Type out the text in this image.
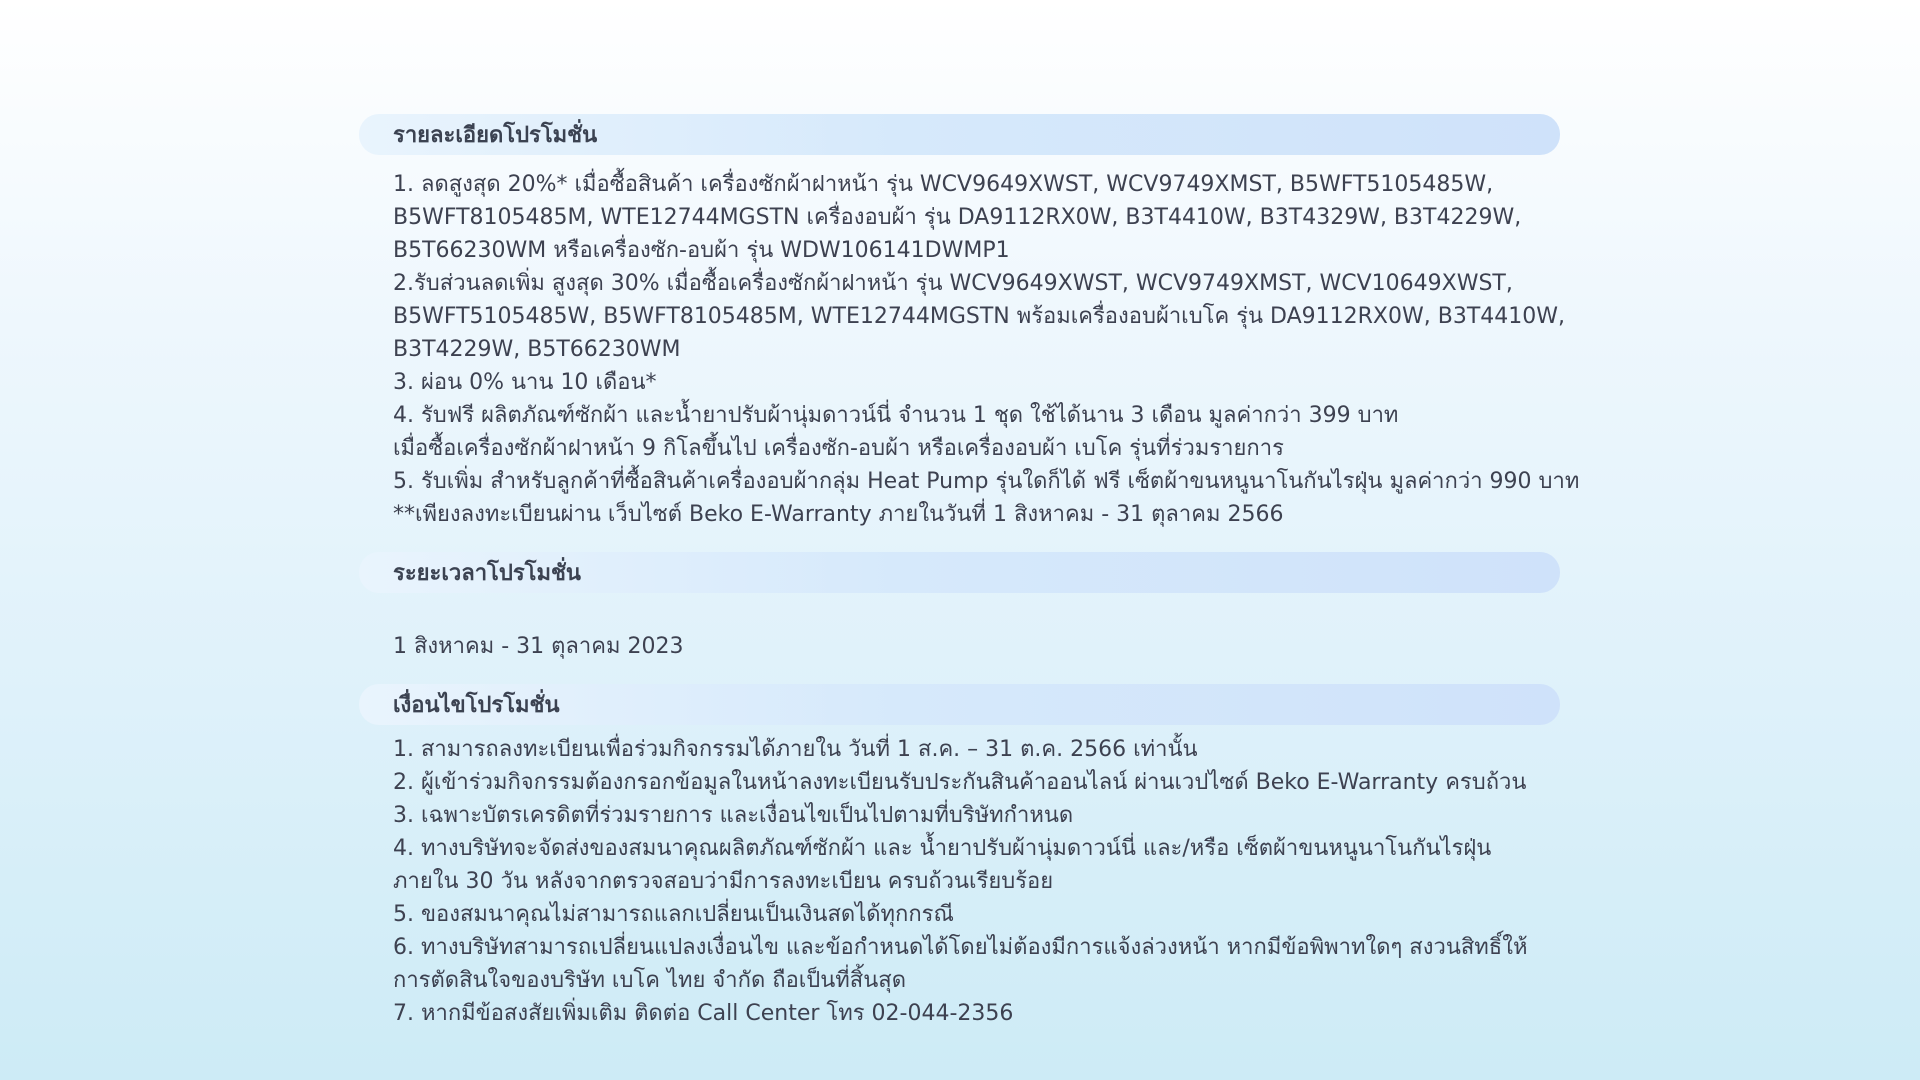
รายละเอียดโปรโมชั่น
1. ลดสูงสุด 20%* เมื่อซื้อสินค้า เครื่องซักผ้าฝาหน้า รุ่น WCV9649XWST, WCV9749XMST, B5WFT5105485W,
B5WFT8105485M, WTE12744MGSTN เครื่องอบผ้า รุ่น DA9112RX0W, B3T4410W, B3T4329W, B3T4229W,
B5T66230WM หรือเครื่องซัก-อบผ้า รุ่น WDW106141DWMP1
2.รับส่วนลดเพิ่ม สูงสุด 30% เมื่อซื้อเครื่องซักผ้าฝาหน้า รุ่น WCV9649XWST, WCV9749XMST, WCV10649XWST,
B5WFT5105485W, B5WFT8105485M, WTE12744MGSTN พร้อมเครื่องอบผ้าเบโค รุ่น DA9112RX0W, B3T4410W,
B3T4229W, B5T66230WM
3. ผ่อน 0% นาน 10 เดือน*
4. รับฟรี ผลิตภัณฑ์ซักผ้า และน้ำยาปรับผ้านุ่มดาวน์นี่ จำนวน 1 ชุด ใช้ได้นาน 3 เดือน มูลค่ากว่า 399 บาท
เมื่อซื้อเครื่องซักผ้าฝาหน้า 9 กิโลขึ้นไป เครื่องซัก-อบผ้า หรือเครื่องอบผ้า เบโค รุ่นที่ร่วมรายการ
5. รับเพิ่ม สำหรับลูกค้าที่ซื้อสินค้าเครื่องอบผ้ากลุ่ม Heat Pump รุ่นใดก็ได้ ฟรี เซ็ตผ้าขนหนูนาโนกันไรฝุ่น มูลค่ากว่า 990 บาท
**เพียงลงทะเบียนผ่าน เว็บไซต์ Beko E-Warranty ภายในวันที่ 1 สิงหาคม - 31 ตุลาคม 2566
ระยะเวลาโปรโมชั่น
1 สิงหาคม - 31 ตุลาคม 2023
เงื่อนไขโปรโมชั่น
1. สามารถลงทะเบียนเพื่อร่วมกิจกรรมได้ภายใน วันที่ 1 ส.ค. – 31 ต.ค. 2566 เท่านั้น
2. ผู้เข้าร่วมกิจกรรมต้องกรอกข้อมูลในหน้าลงทะเบียนรับประกันสินค้าออนไลน์ ผ่านเวปไซด์ Beko E-Warranty ครบถ้วน
3. เฉพาะบัตรเครดิตที่ร่วมรายการ และเงื่อนไขเป็นไปตามที่บริษัทกำหนด
4. ทางบริษัทจะจัดส่งของสมนาคุณผลิตภัณฑ์ซักผ้า และ น้ำยาปรับผ้านุ่มดาวน์นี่ และ/หรือ เซ็ตผ้าขนหนูนาโนกันไรฝุ่น
ภายใน 30 วัน หลังจากตรวจสอบว่ามีการลงทะเบียน ครบถ้วนเรียบร้อย
5. ของสมนาคุณไม่สามารถแลกเปลี่ยนเป็นเงินสดได้ทุกกรณี
6. ทางบริษัทสามารถเปลี่ยนแปลงเงื่อนไข และข้อกำหนดได้โดยไม่ต้องมีการแจ้งล่วงหน้า หากมีข้อพิพาทใดๆ สงวนสิทธิ์ให้
การตัดสินใจของบริษัท เบโค ไทย จำกัด ถือเป็นที่สิ้นสุด
7. หากมีข้อสงสัยเพิ่มเติม ติดต่อ Call Center โทร 02-044-2356
